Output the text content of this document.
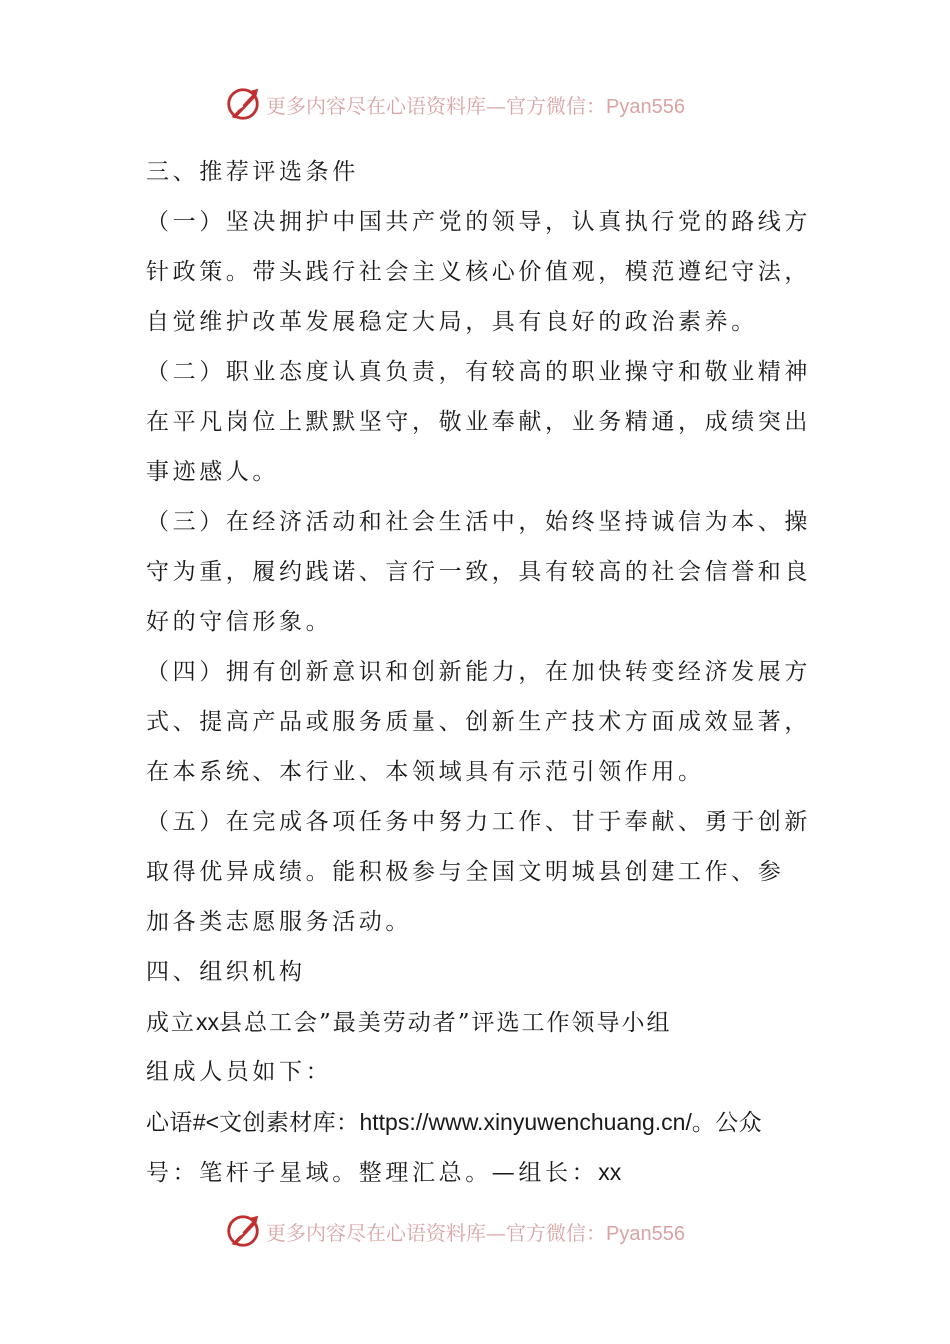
更多内容尽在心语资料库—官方微信：Pyan556
三、推荐评选条件
（一）坚决拥护中国共产党的领导，认真执行党的路线方
针政策。带头践行社会主义核心价值观，模范遵纪守法，
自觉维护改革发展稳定大局，具有良好的政治素养。
（二）职业态度认真负责，有较高的职业操守和敬业精神
在平凡岗位上默默坚守，敬业奉献，业务精通，成绩突出
事迹感人。
（三）在经济活动和社会生活中，始终坚持诚信为本、操
守为重，履约践诺、言行一致，具有较高的社会信誉和良
好的守信形象。
（四）拥有创新意识和创新能力，在加快转变经济发展方
式、提高产品或服务质量、创新生产技术方面成效显著，
在本系统、本行业、本领域具有示范引领作用。
（五）在完成各项任务中努力工作、甘于奉献、勇于创新
取得优异成绩。能积极参与全国文明城县创建工作、参
加各类志愿服务活动。
四、组织机构
成立xx县总工会”最美劳动者”评选工作领导小组
组成人员如下：
心语#<文创素材库：https://www.xinyuwenchuang.cn/。公众
号：笔杆子星域。整理汇总。—组长：xx
更多内容尽在心语资料库—官方微信：Pyan556
